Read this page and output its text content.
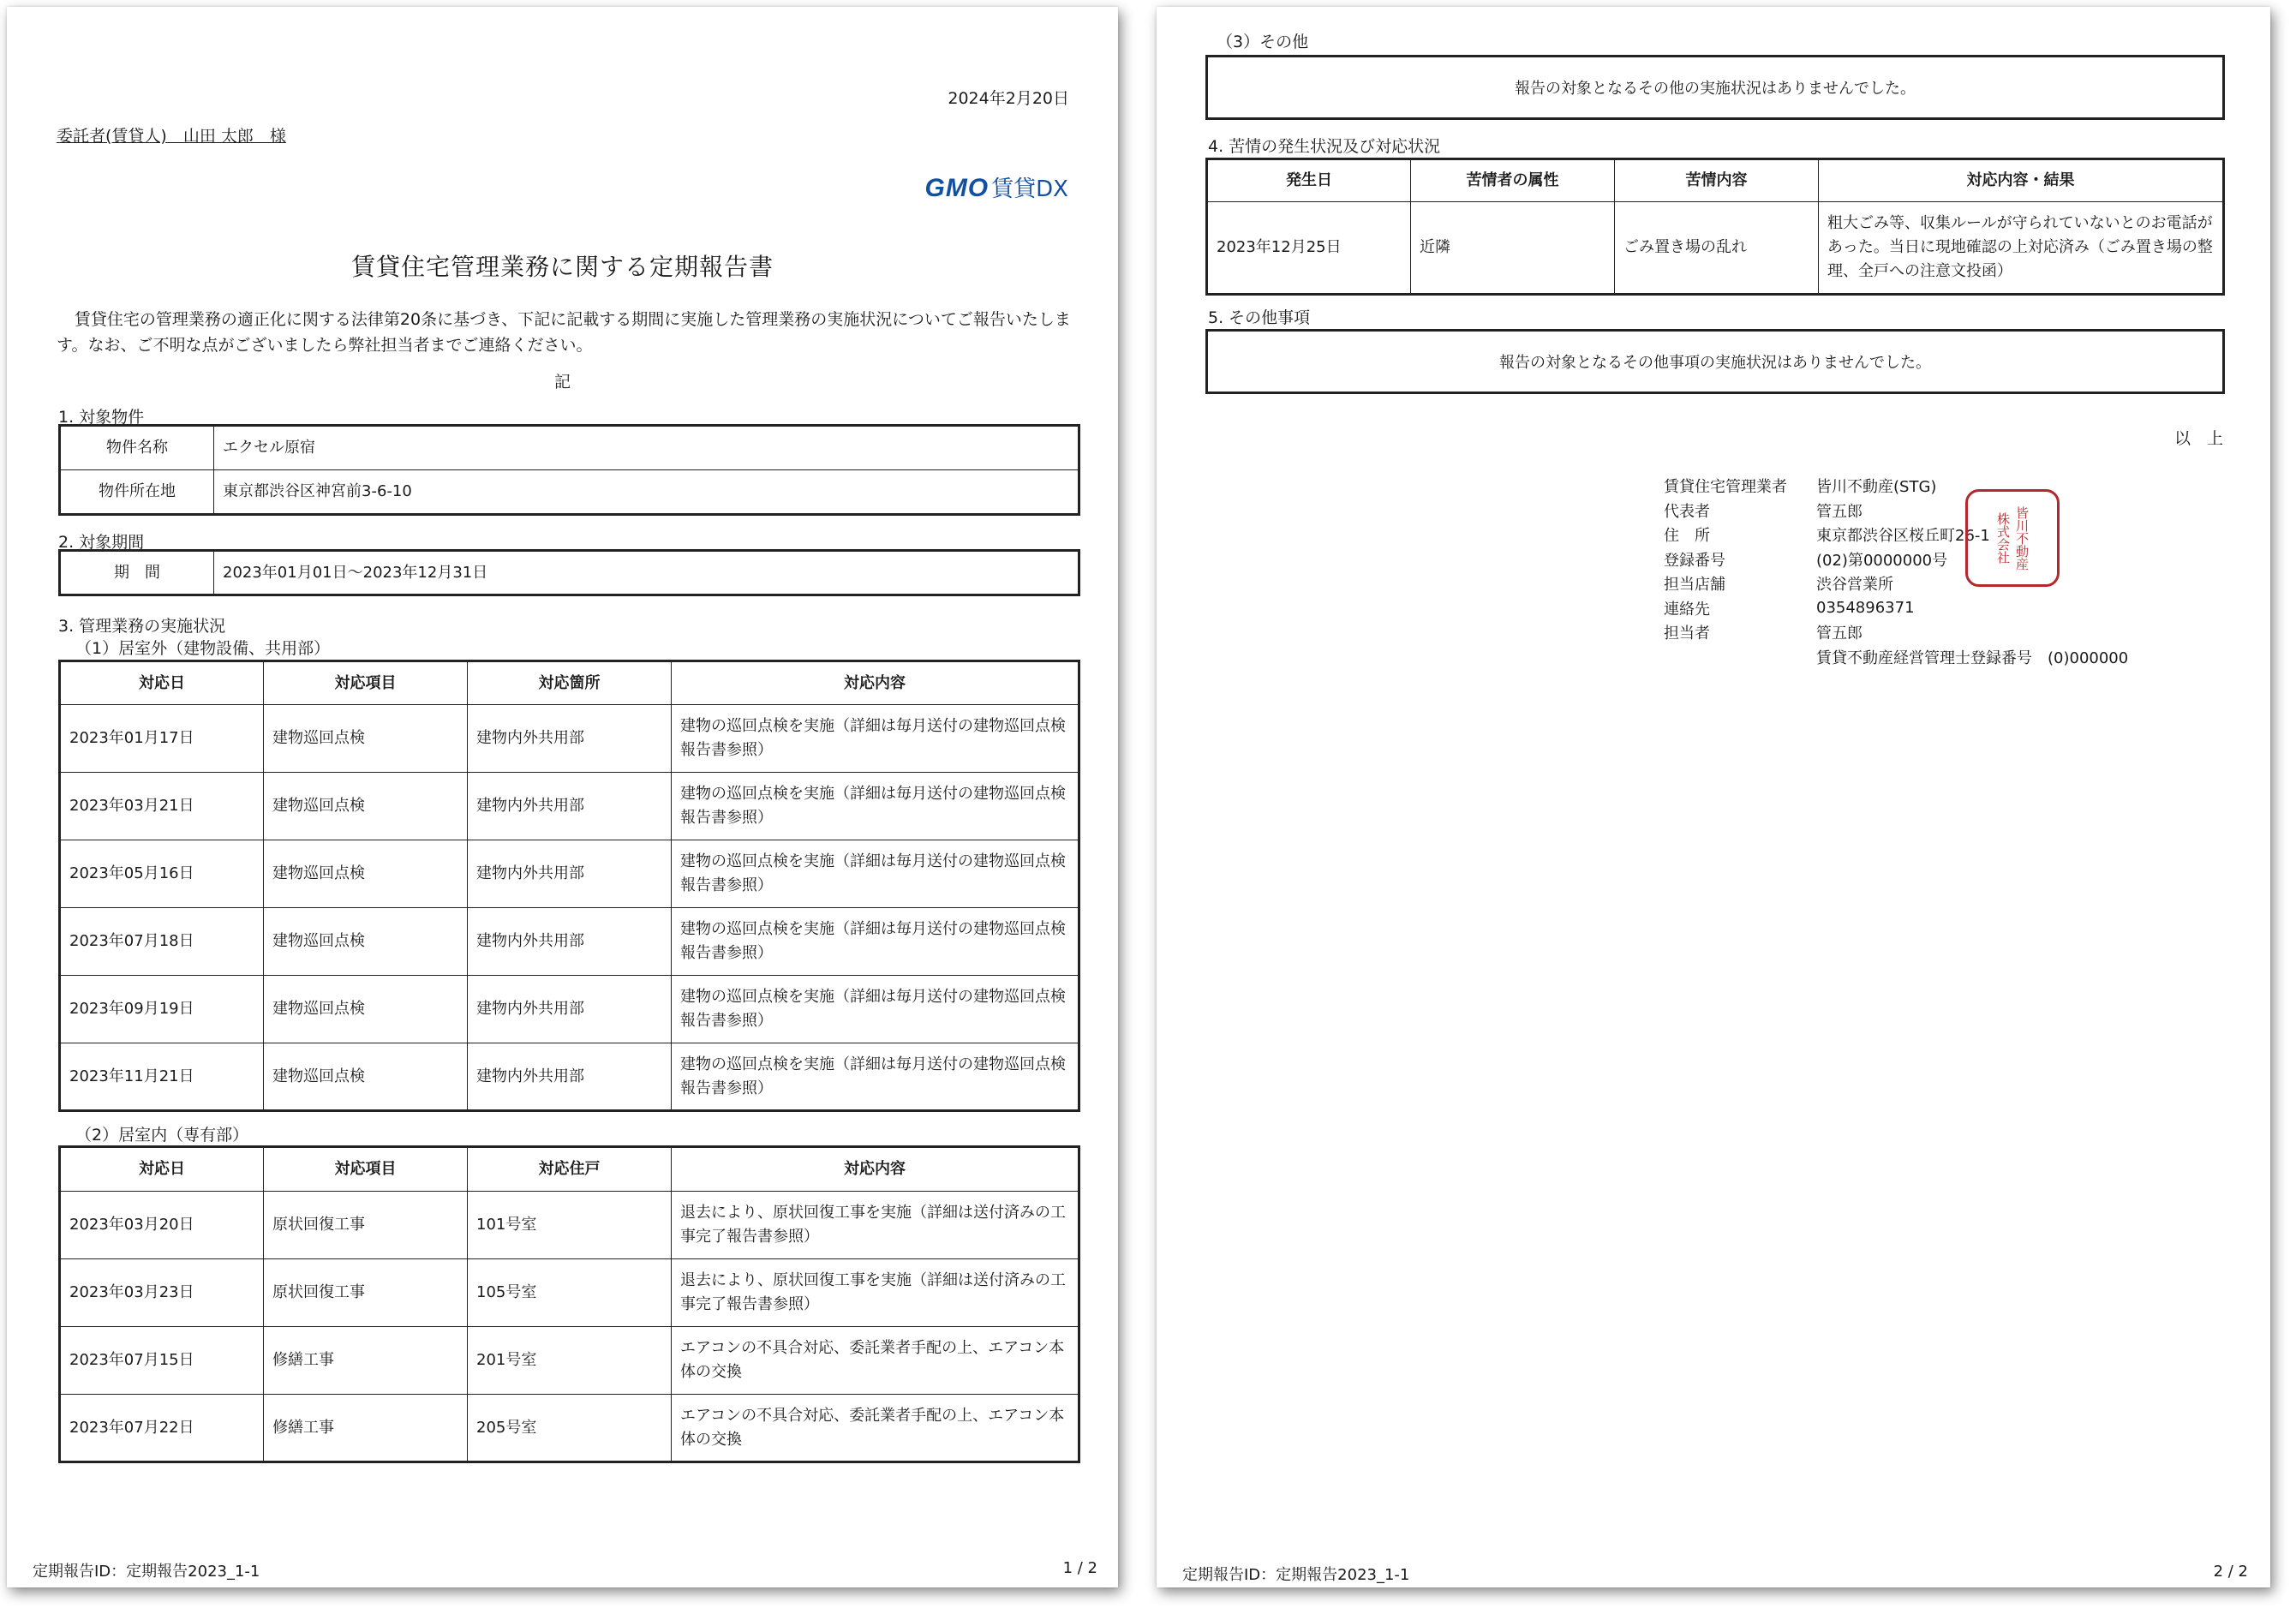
2024年2月20日
委託者(賃貸人)　山田 太郎　様
GMO 賃貸DX
賃貸住宅管理業務に関する定期報告書
賃貸住宅の管理業務の適正化に関する法律第20条に基づき、下記に記載する期間に実施した管理業務の実施状況についてご報告いたします。なお、ご不明な点がございましたら弊社担当者までご連絡ください。
記
1. 対象物件
物件名称	エクセル原宿
物件所在地	東京都渋谷区神宮前3-6-10
2. 対象期間
期　間	2023年01月01日～2023年12月31日
3. 管理業務の実施状況
（1）居室外（建物設備、共用部）
対応日	対応項目	対応箇所	対応内容
2023年01月17日	建物巡回点検	建物内外共用部	建物の巡回点検を実施（詳細は毎月送付の建物巡回点検報告書参照）
2023年03月21日	建物巡回点検	建物内外共用部	建物の巡回点検を実施（詳細は毎月送付の建物巡回点検報告書参照）
2023年05月16日	建物巡回点検	建物内外共用部	建物の巡回点検を実施（詳細は毎月送付の建物巡回点検報告書参照）
2023年07月18日	建物巡回点検	建物内外共用部	建物の巡回点検を実施（詳細は毎月送付の建物巡回点検報告書参照）
2023年09月19日	建物巡回点検	建物内外共用部	建物の巡回点検を実施（詳細は毎月送付の建物巡回点検報告書参照）
2023年11月21日	建物巡回点検	建物内外共用部	建物の巡回点検を実施（詳細は毎月送付の建物巡回点検報告書参照）
（2）居室内（専有部）
対応日	対応項目	対応住戸	対応内容
2023年03月20日	原状回復工事	101号室	退去により、原状回復工事を実施（詳細は送付済みの工事完了報告書参照）
2023年03月23日	原状回復工事	105号室	退去により、原状回復工事を実施（詳細は送付済みの工事完了報告書参照）
2023年07月15日	修繕工事	201号室	エアコンの不具合対応、委託業者手配の上、エアコン本体の交換
2023年07月22日	修繕工事	205号室	エアコンの不具合対応、委託業者手配の上、エアコン本体の交換
定期報告ID：定期報告2023_1-1	1 / 2
（3）その他
報告の対象となるその他の実施状況はありませんでした。
4. 苦情の発生状況及び対応状況
発生日	苦情者の属性	苦情内容	対応内容・結果
2023年12月25日	近隣	ごみ置き場の乱れ	粗大ごみ等、収集ルールが守られていないとのお電話があった。当日に現地確認の上対応済み（ごみ置き場の整理、全戸への注意文投函）
5. その他事項
報告の対象となるその他事項の実施状況はありませんでした。
以　上
賃貸住宅管理業者	皆川不動産(STG)
代表者	管五郎
住　所	東京都渋谷区桜丘町26-1
登録番号	(02)第0000000号
担当店舗	渋谷営業所
連絡先	0354896371
担当者	管五郎
賃貸不動産経営管理士登録番号　(0)000000
皆川不動産
株式会社
定期報告ID：定期報告2023_1-1	2 / 2
